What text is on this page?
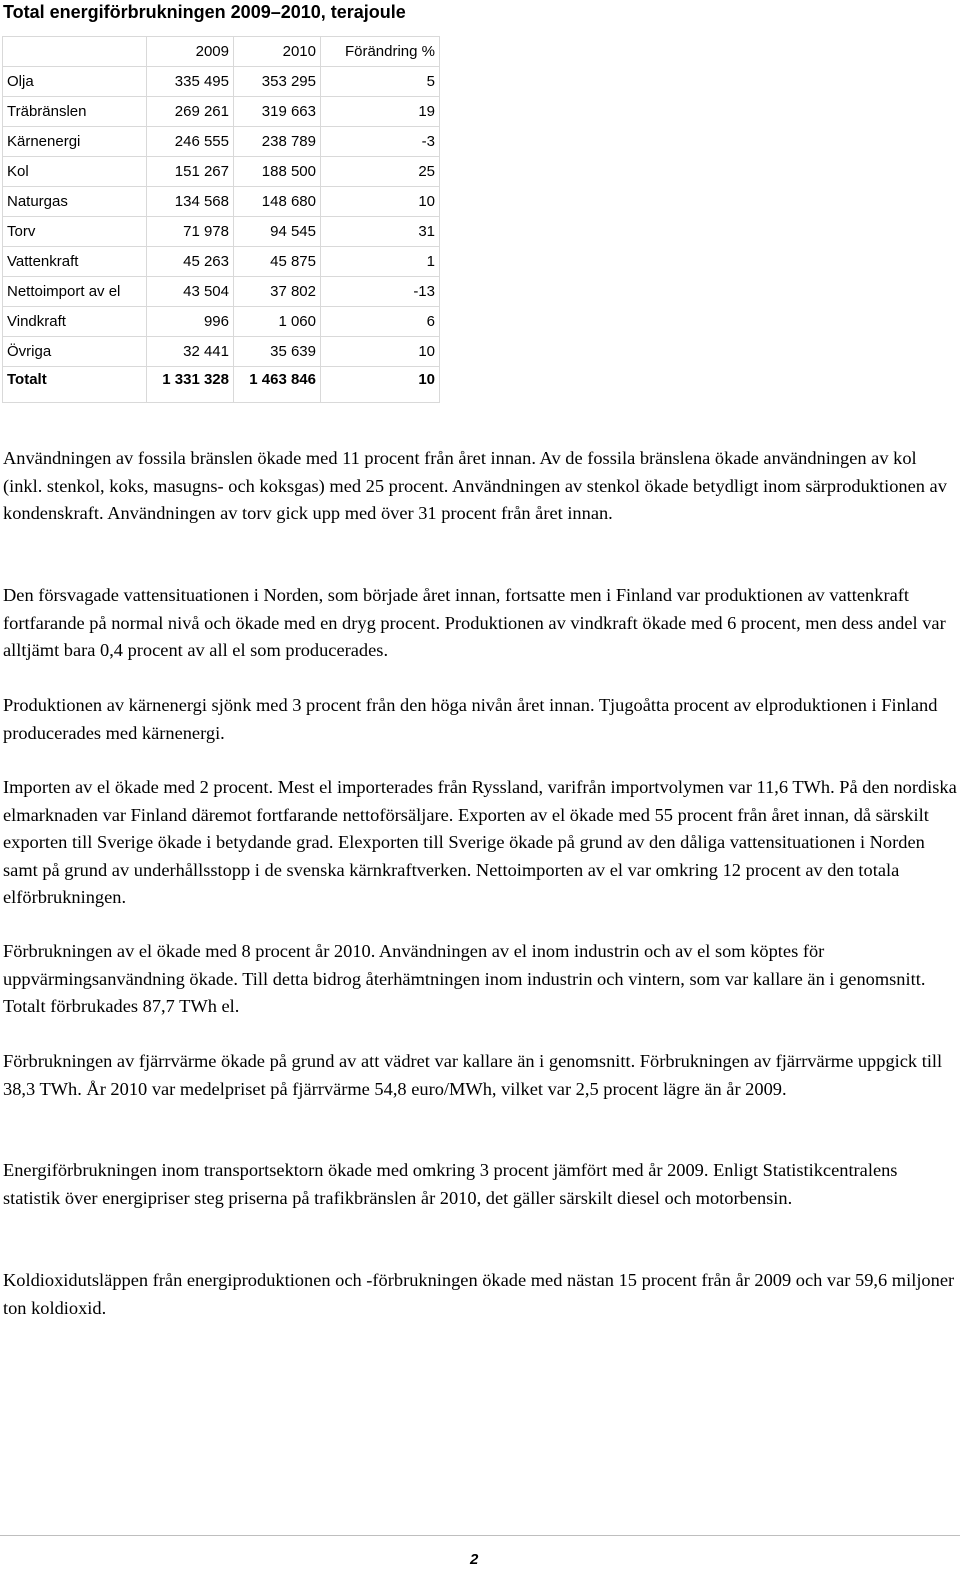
Total energiförbrukningen 2009–2010, terajoule
	2009	2010	Förändring %
Olja	335 495	353 295	5
Träbränslen	269 261	319 663	19
Kärnenergi	246 555	238 789	-3
Kol	151 267	188 500	25
Naturgas	134 568	148 680	10
Torv	71 978	94 545	31
Vattenkraft	45 263	45 875	1
Nettoimport av el	43 504	37 802	-13
Vindkraft	996	1 060	6
Övriga	32 441	35 639	10
Totalt	1 331 328	1 463 846	10

Användningen av fossila bränslen ökade med 11 procent från året innan. Av de fossila bränslena ökade användningen av kol (inkl. stenkol, koks, masugns- och koksgas) med 25 procent. Användningen av stenkol ökade betydligt inom särproduktionen av kondenskraft. Användningen av torv gick upp med över 31 procent från året innan.

Den försvagade vattensituationen i Norden, som började året innan, fortsatte men i Finland var produktionen av vattenkraft fortfarande på normal nivå och ökade med en dryg procent. Produktionen av vindkraft ökade med 6 procent, men dess andel var alltjämt bara 0,4 procent av all el som producerades.

Produktionen av kärnenergi sjönk med 3 procent från den höga nivån året innan. Tjugoåtta procent av elproduktionen i Finland producerades med kärnenergi.

Importen av el ökade med 2 procent. Mest el importerades från Ryssland, varifrån importvolymen var 11,6 TWh. På den nordiska elmarknaden var Finland däremot fortfarande nettoförsäljare. Exporten av el ökade med 55 procent från året innan, då särskilt exporten till Sverige ökade i betydande grad. Elexporten till Sverige ökade på grund av den dåliga vattensituationen i Norden samt på grund av underhållsstopp i de svenska kärnkraftverken. Nettoimporten av el var omkring 12 procent av den totala elförbrukningen.

Förbrukningen av el ökade med 8 procent år 2010. Användningen av el inom industrin och av el som köptes för uppvärmingsanvändning ökade. Till detta bidrog återhämtningen inom industrin och vintern, som var kallare än i genomsnitt. Totalt förbrukades 87,7 TWh el.

Förbrukningen av fjärrvärme ökade på grund av att vädret var kallare än i genomsnitt. Förbrukningen av fjärrvärme uppgick till 38,3 TWh. År 2010 var medelpriset på fjärrvärme 54,8 euro/MWh, vilket var 2,5 procent lägre än år 2009.

Energiförbrukningen inom transportsektorn ökade med omkring 3 procent jämfört med år 2009. Enligt Statistikcentralens statistik över energipriser steg priserna på trafikbränslen år 2010, det gäller särskilt diesel och motorbensin.

Koldioxidutsläppen från energiproduktionen och -förbrukningen ökade med nästan 15 procent från år 2009 och var 59,6 miljoner ton koldioxid.

2
